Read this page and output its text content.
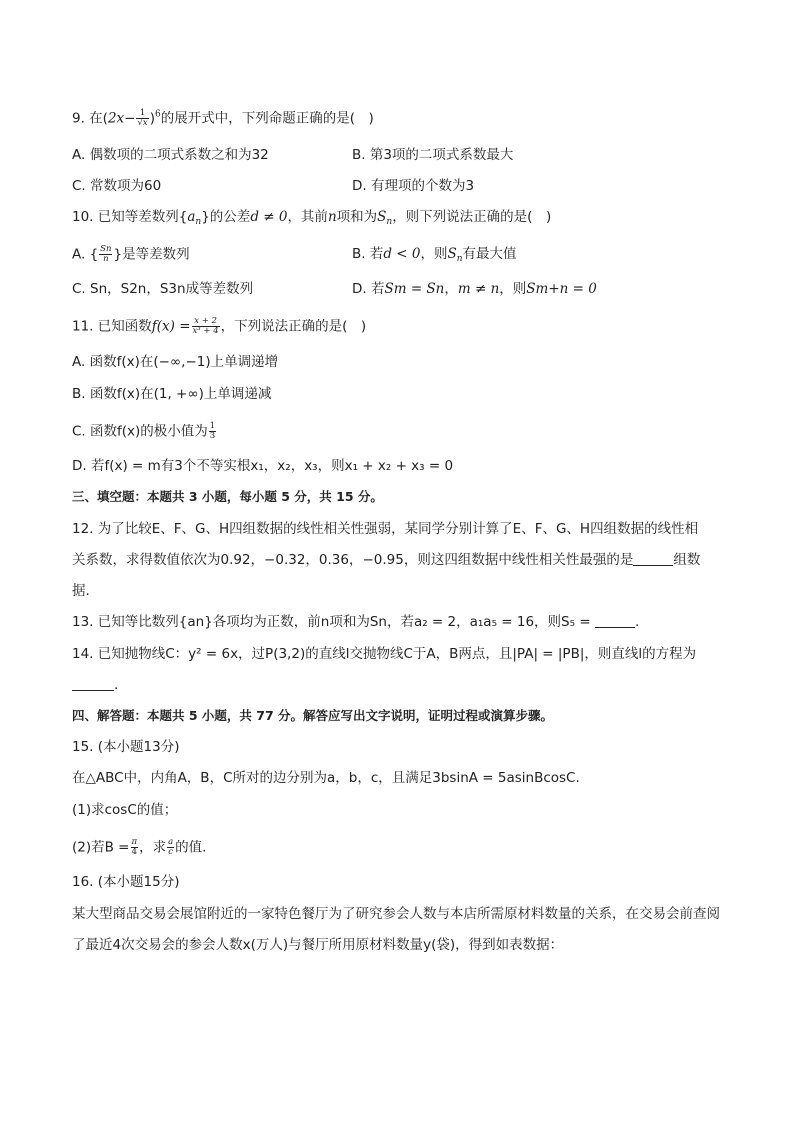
9. 在$(2x- \frac{1}{√x} )^6$的展开式中，下列命题正确的是(　)
A. 偶数项的二项式系数之和为32	B. 第3项的二项式系数最大
C. 常数项为60	D. 有理项的个数为3
10. 已知等差数列$\{a_n\}$的公差d ≠ 0，其前n项和为$S_n$，则下列说法正确的是(　)
A. { $\frac{Sn}{n}$ }是等差数列	B. 若d < 0，则$S_n$有最大值
C. Sn，S2n，S3n成等差数列	D. 若Sm = Sn，m ≠ n，则Sm+n = 0
11. 已知函数$f(x) = \frac{x + 2}{\text{x³ + 4}}$ ，下列说法正确的是(　)
A. 函数f(x)在(−∞,−1)上单调递增
B. 函数f(x)在(1, +∞)上单调递减
C. 函数f(x)的极小值为 $\frac{1}{3}$
D. 若f(x) = m有3个不等实根x₁，x₂，x₃，则x₁ + x₂ + x₃ = 0
三、填空题：本题共 3 小题，每小题 5 分，共 15 分。
12. 为了比较E、F、G、H四组数据的线性相关性强弱，某同学分别计算了E、F、G、H四组数据的线性相
关系数，求得数值依次为0.92，−0.32，0.36，−0.95，则这四组数据中线性相关性最强的是	组数
据.
13. 已知等比数列{an}各项均为正数，前n项和为Sn，若a₂ = 2，a₁a₅ = 16，则S₅ =	.
14. 已知抛物线C：y² = 6x，过P(3,2)的直线l交抛物线C于A，B两点，且|PA| = |PB|，则直线l的方程为
.
四、解答题：本题共 5 小题，共 77 分。解答应写出文字说明，证明过程或演算步骤。
15. (本小题13分)
在△ABC中，内角A，B，C所对的边分别为a，b，c，且满足3bsinA = 5asinBcosC.
(1)求cosC的值；
(2)若$B = \frac{\pi}{4}$ ，求 $\frac{a}{c}$ 的值.
16. (本小题15分)
某大型商品交易会展馆附近的一家特色餐厅为了研究参会人数与本店所需原材料数量的关系，在交易会前查阅了最近4次交易会的参会人数x(万人)与餐厅所用原材料数量y(袋)，得到如表数据：
